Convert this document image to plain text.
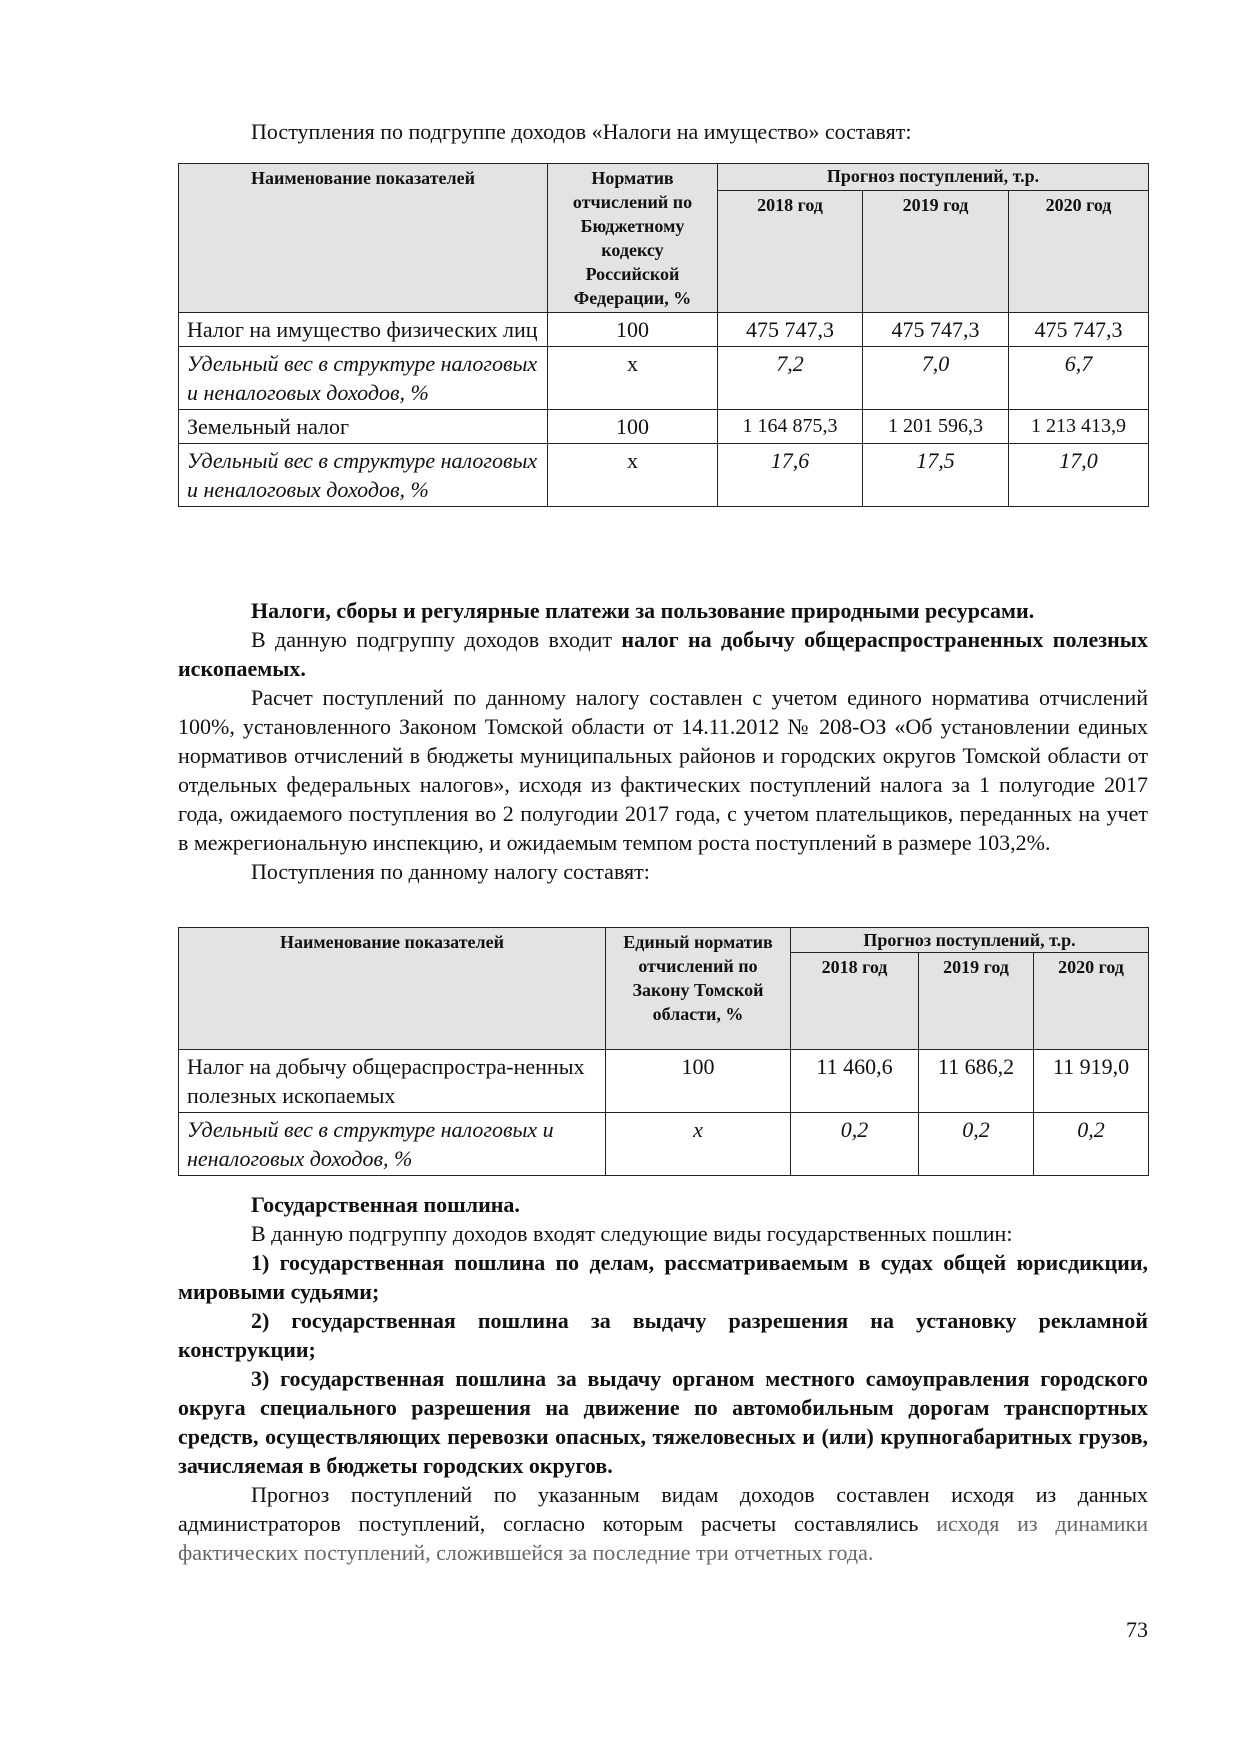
Поступления по подгруппе доходов «Налоги на имущество» составят:

Наименование показателей	Норматив отчислений по Бюджетному кодексу Российской Федерации, %	Прогноз поступлений, т.р.		
		2018 год	2019 год	2020 год
Налог на имущество физических лиц	100	475 747,3	475 747,3	475 747,3
Удельный вес в структуре налоговых и неналоговых доходов, %	x	7,2	7,0	6,7
Земельный налог	100	1 164 875,3	1 201 596,3	1 213 413,9
Удельный вес в структуре налоговых и неналоговых доходов, %	x	17,6	17,5	17,0

Налоги, сборы и регулярные платежи за пользование природными ресурсами.

В данную подгруппу доходов входит налог на добычу общераспространенных полезных ископаемых.

Расчет поступлений по данному налогу составлен с учетом единого норматива отчислений 100%, установленного Законом Томской области от 14.11.2012 № 208-ОЗ «Об установлении единых нормативов отчислений в бюджеты муниципальных районов и городских округов Томской области от отдельных федеральных налогов», исходя из фактических поступлений налога за 1 полугодие 2017 года, ожидаемого поступления во 2 полугодии 2017 года, с учетом плательщиков, переданных на учет в межрегиональную инспекцию, и ожидаемым темпом роста поступлений в размере 103,2%.

Поступления по данному налогу составят:

Наименование показателей	Единый норматив отчислений по Закону Томской области, %	Прогноз поступлений, т.р.		
		2018 год	2019 год	2020 год
Налог на добычу общераспростра-ненных полезных ископаемых	100	11 460,6	11 686,2	11 919,0
Удельный вес в структуре налоговых и неналоговых доходов, %	x	0,2	0,2	0,2

Государственная пошлина.

В данную подгруппу доходов входят следующие виды государственных пошлин:

1) государственная пошлина по делам, рассматриваемым в судах общей юрисдикции, мировыми судьями;

2) государственная пошлина за выдачу разрешения на установку рекламной конструкции;

3) государственная пошлина за выдачу органом местного самоуправления городского округа специального разрешения на движение по автомобильным дорогам транспортных средств, осуществляющих перевозки опасных, тяжеловесных и (или) крупногабаритных грузов, зачисляемая в бюджеты городских округов.

Прогноз поступлений по указанным видам доходов составлен исходя из данных администраторов поступлений, согласно которым расчеты составлялись исходя из динамики фактических поступлений, сложившейся за последние три отчетных года.

73
